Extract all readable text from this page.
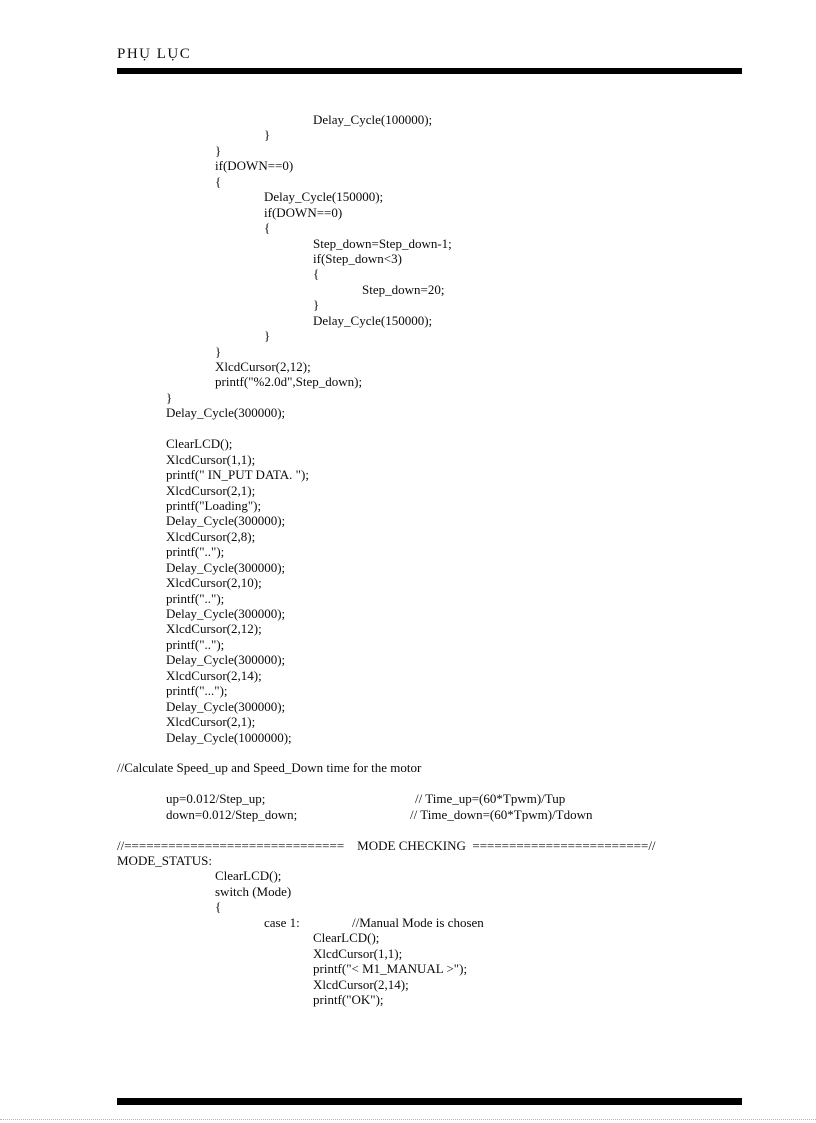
PHỤ LỤC
Delay_Cycle(100000);
}
}
if(DOWN==0)
{
Delay_Cycle(150000);
if(DOWN==0)
{
Step_down=Step_down-1;
if(Step_down<3)
{
Step_down=20;
}
Delay_Cycle(150000);
}
}
XlcdCursor(2,12);
printf("%2.0d",Step_down);
}
Delay_Cycle(300000);
ClearLCD();
XlcdCursor(1,1);
printf(" IN_PUT DATA. ");
XlcdCursor(2,1);
printf("Loading");
Delay_Cycle(300000);
XlcdCursor(2,8);
printf("..");
Delay_Cycle(300000);
XlcdCursor(2,10);
printf("..");
Delay_Cycle(300000);
XlcdCursor(2,12);
printf("..");
Delay_Cycle(300000);
XlcdCursor(2,14);
printf("...");
Delay_Cycle(300000);
XlcdCursor(2,1);
Delay_Cycle(1000000);
//Calculate Speed_up and Speed_Down time for the motor
up=0.012/Step_up;	// Time_up=(60*Tpwm)/Tup
down=0.012/Step_down;	// Time_down=(60*Tpwm)/Tdown
//==============================    MODE CHECKING  ========================//
MODE_STATUS:
ClearLCD();
switch (Mode)
{
case 1:	//Manual Mode is chosen
ClearLCD();
XlcdCursor(1,1);
printf("< M1_MANUAL >");
XlcdCursor(2,14);
printf("OK");
